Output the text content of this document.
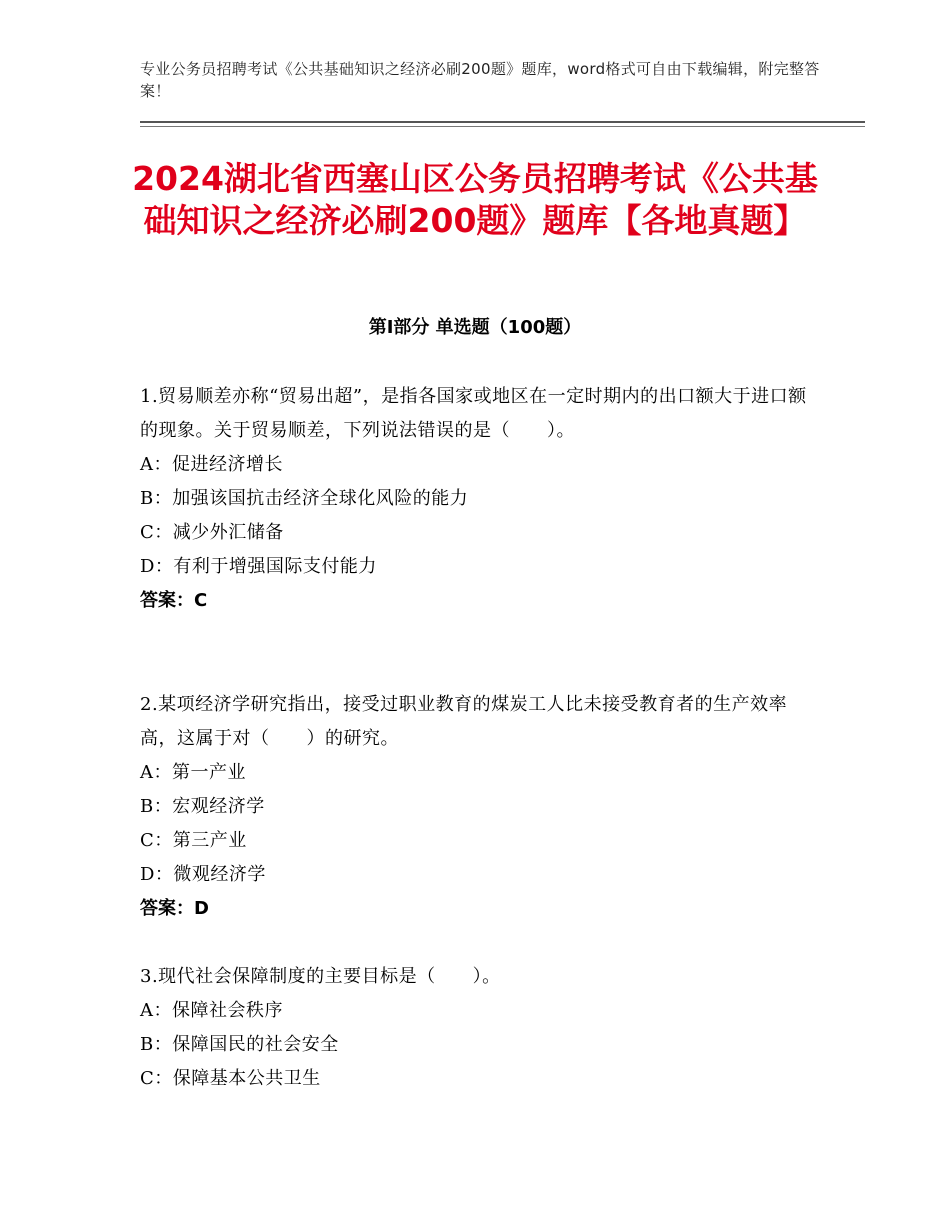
专业公务员招聘考试《公共基础知识之经济必刷200题》题库，word格式可自由下载编辑，附完整答案！
2024湖北省西塞山区公务员招聘考试《公共基础知识之经济必刷200题》题库【各地真题】
第Ⅰ部分 单选题（100题）

1.贸易顺差亦称“贸易出超”，是指各国家或地区在一定时期内的出口额大于进口额的现象。关于贸易顺差，下列说法错误的是（　　）。

A：促进经济增长

B：加强该国抗击经济全球化风险的能力

C：减少外汇储备

D：有利于增强国际支付能力

答案：C

2.某项经济学研究指出，接受过职业教育的煤炭工人比未接受教育者的生产效率高，这属于对（　　）的研究。

A：第一产业

B：宏观经济学

C：第三产业

D：微观经济学

答案：D

3.现代社会保障制度的主要目标是（　　）。

A：保障社会秩序

B：保障国民的社会安全

C：保障基本公共卫生
